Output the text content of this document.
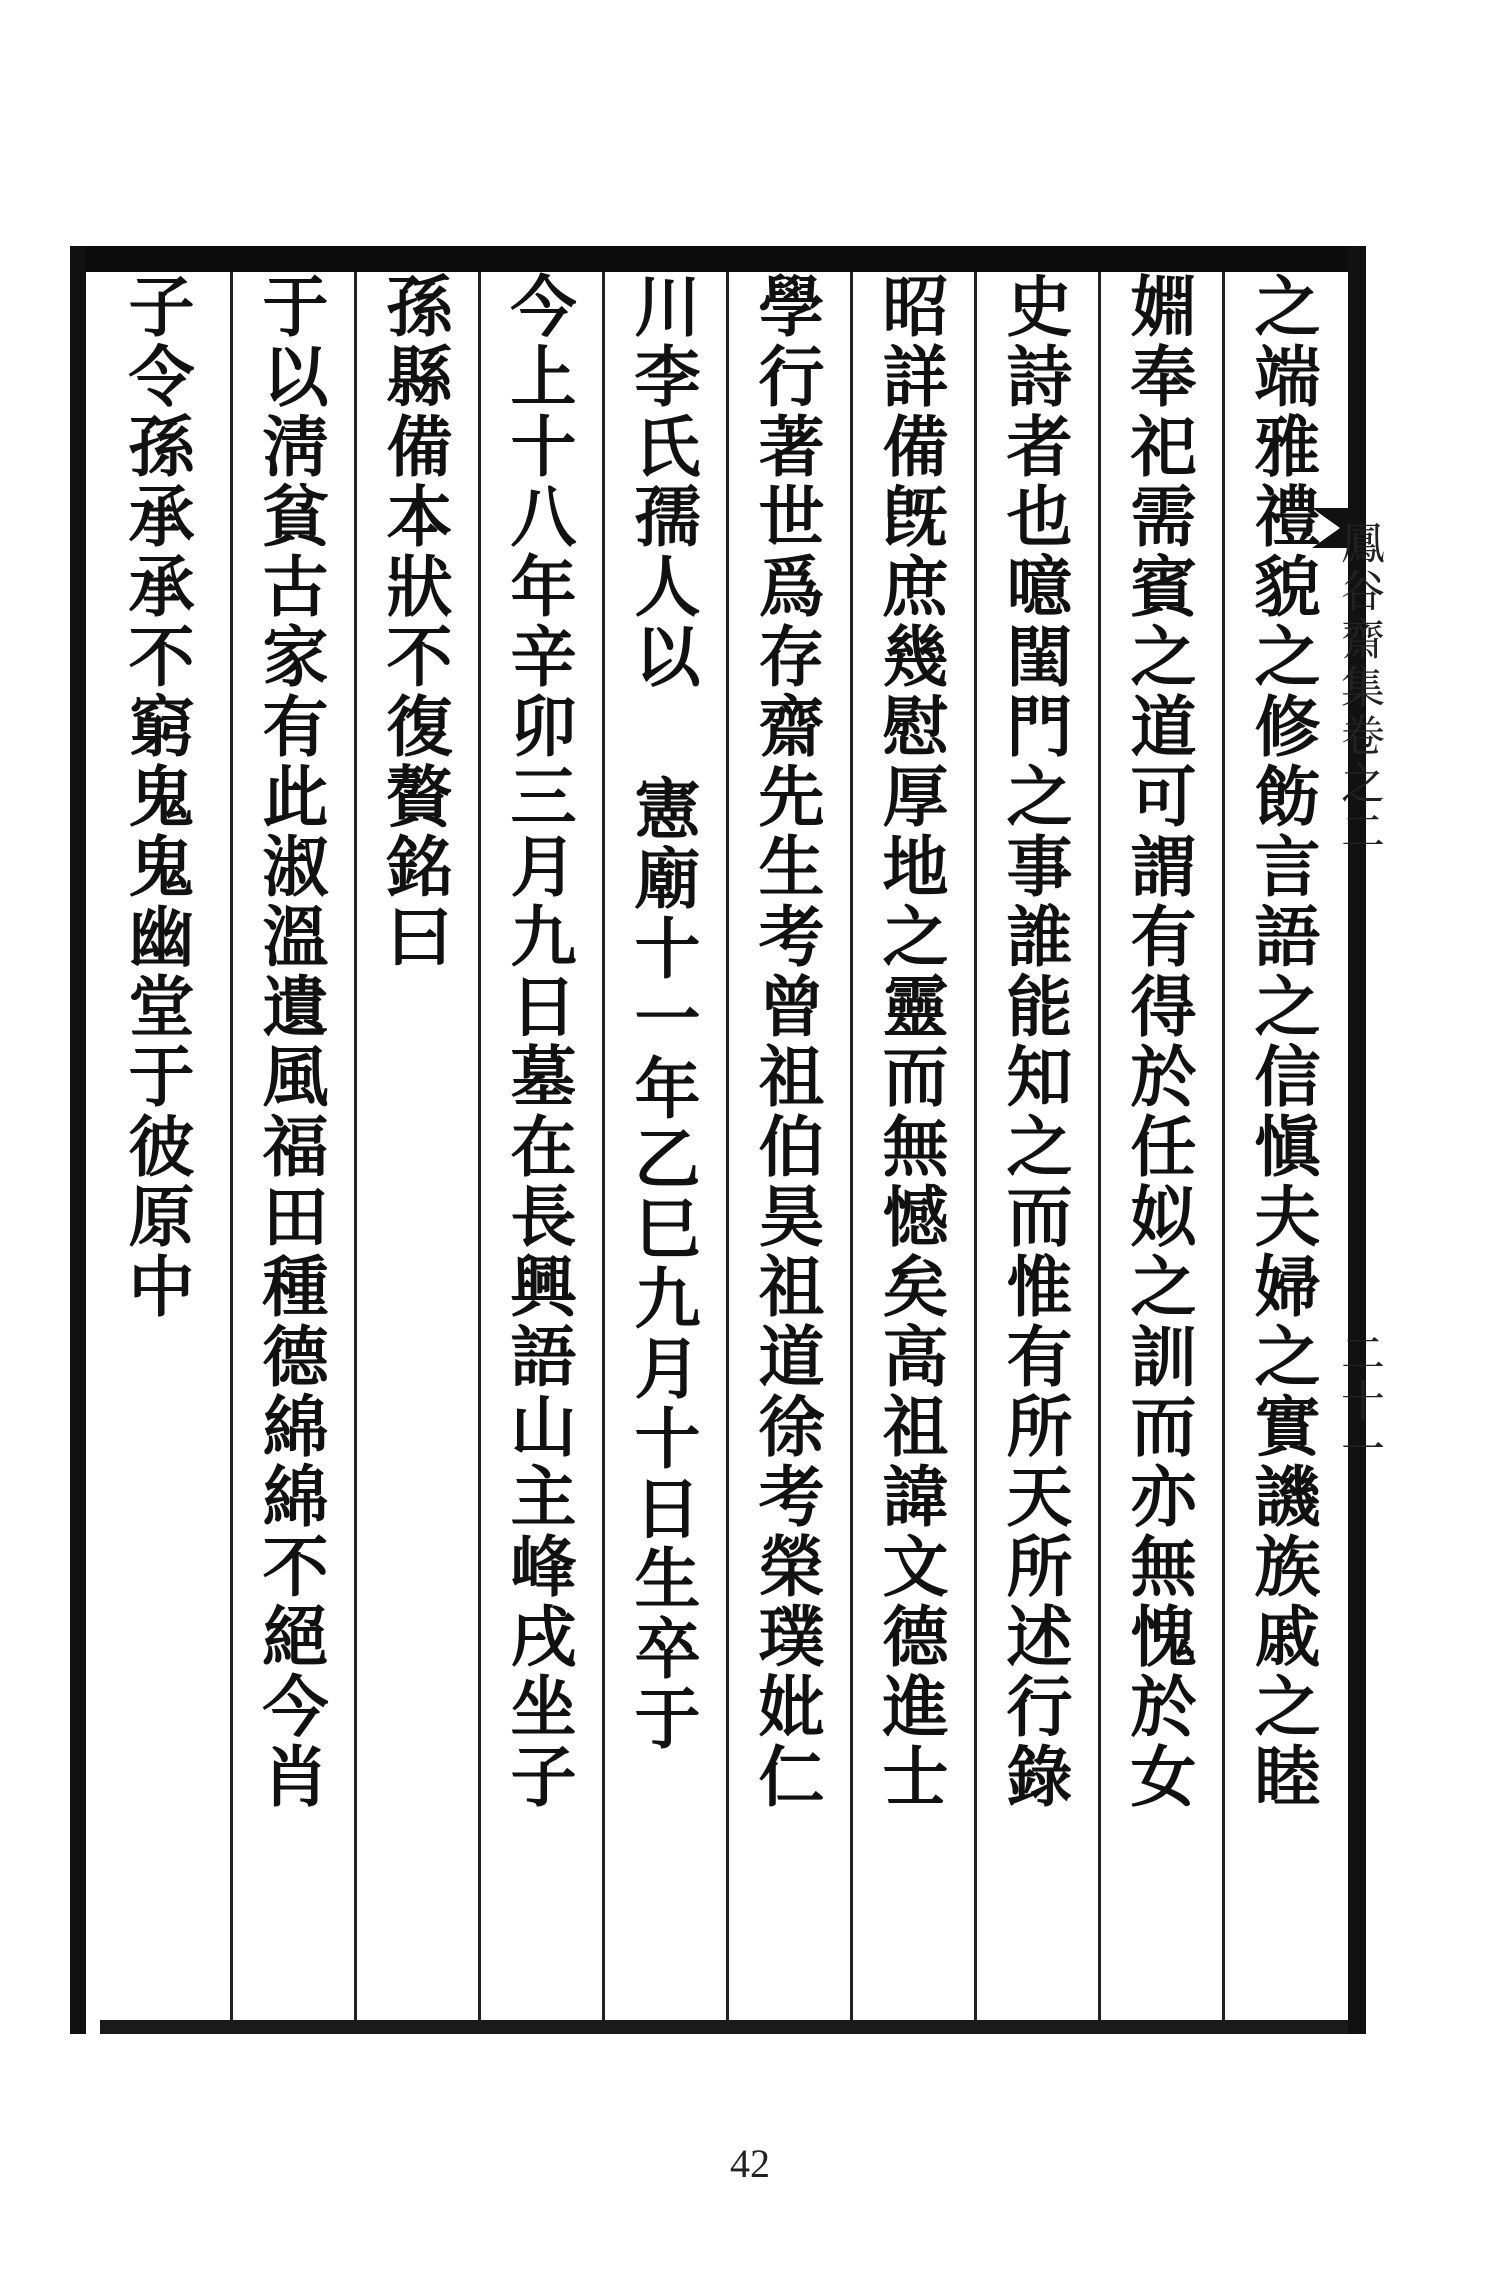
之端雅禮貌之修飭言語之信愼夫婦之實譏族戚之睦
婣奉祀需賓之道可謂有得於任姒之訓而亦無愧於女
史詩者也噫閨門之事誰能知之而惟有所天所述行錄
昭詳備旣庶幾慰厚地之靈而無憾矣高祖諱文德進士
學行著世爲存齋先生考曾祖伯昊祖道徐考榮璞妣仁
川李氏孺人以 憲廟十一年乙巳九月十日生卒于
今上十八年辛卯三月九日墓在長興語山主峰戌坐子
孫縣備本狀不復贅銘曰
于以淸貧古家有此淑溫遺風福田種德綿綿不絕今肖
子令孫承承不窮鬼鬼幽堂于彼原中	鳳谷齋集卷之二
二十一
42
